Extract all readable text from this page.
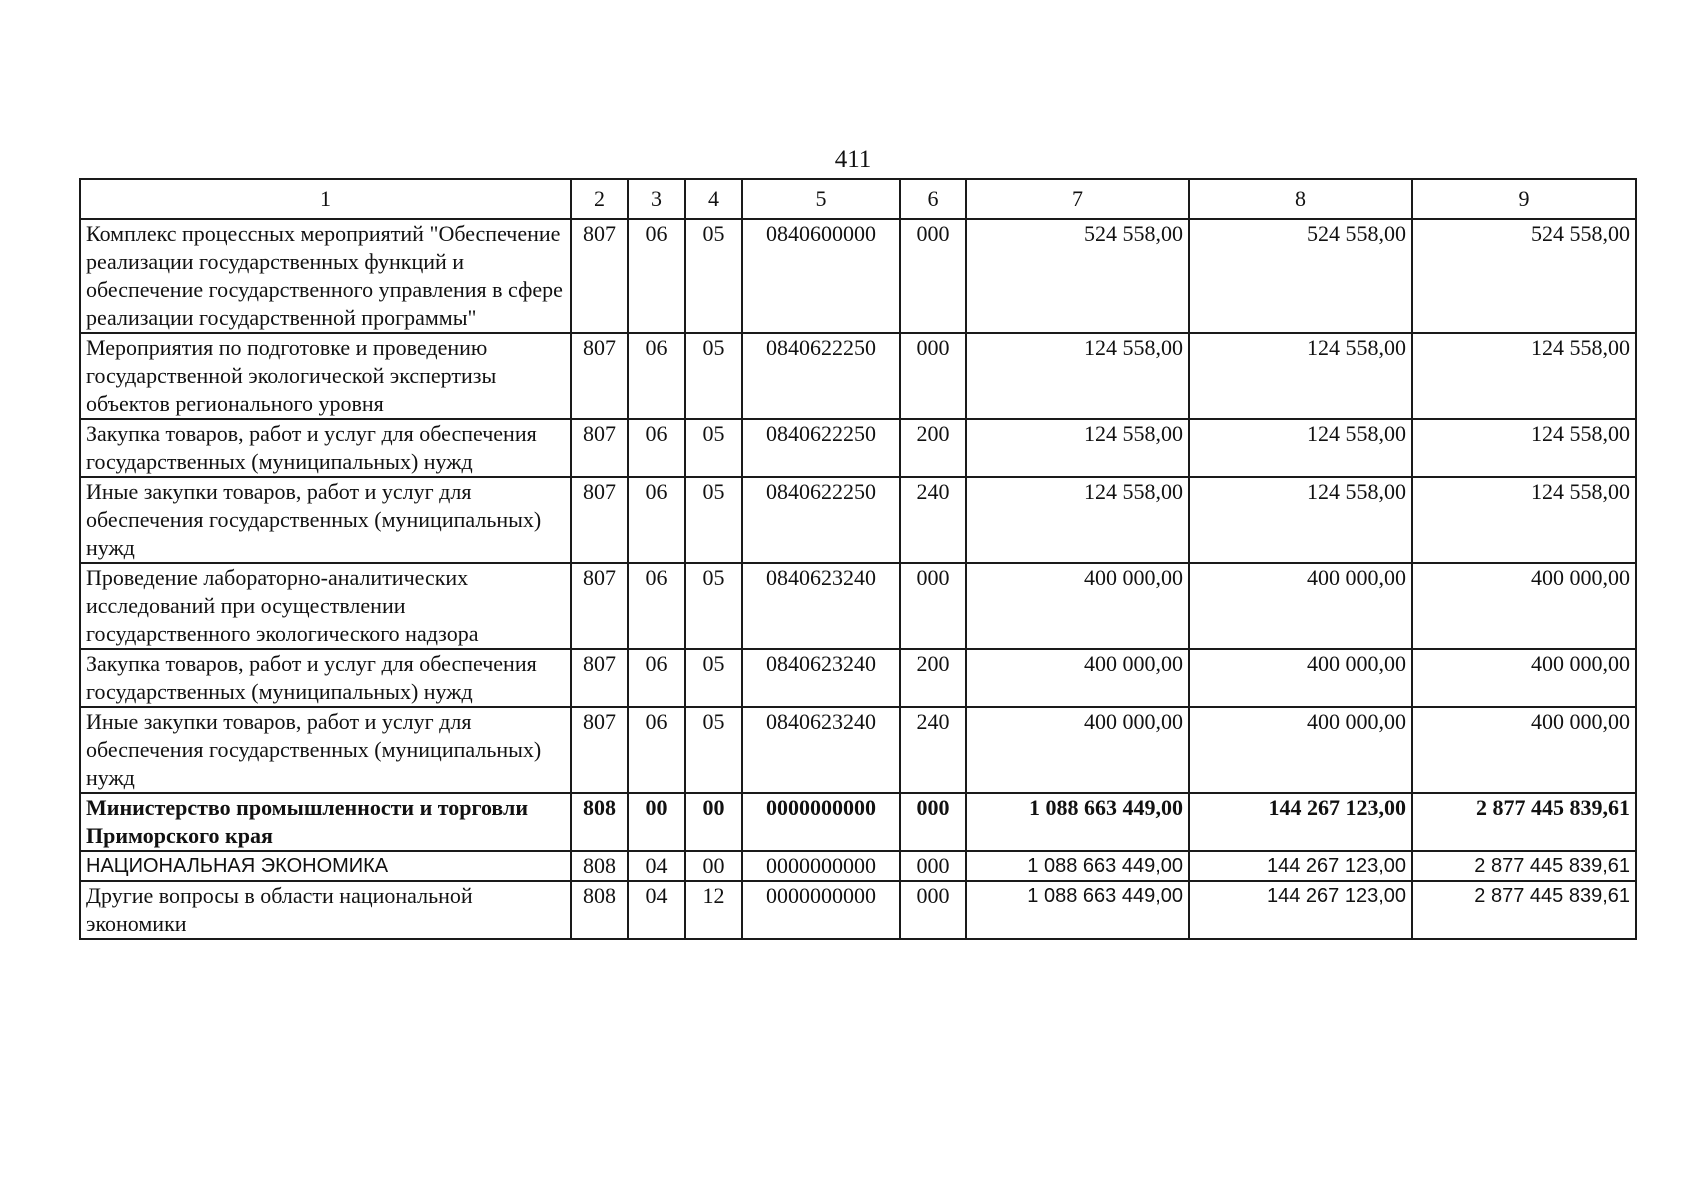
411
1	2	3	4	5	6	7	8	9
Комплекс процессных мероприятий "Обеспечение реализации государственных функций и обеспечение государственного управления в сфере реализации государственной программы"	807	06	05	0840600000	000	524 558,00	524 558,00	524 558,00
Мероприятия по подготовке и проведению государственной экологической экспертизы объектов регионального уровня	807	06	05	0840622250	000	124 558,00	124 558,00	124 558,00
Закупка товаров, работ и услуг для обеспечения государственных (муниципальных) нужд	807	06	05	0840622250	200	124 558,00	124 558,00	124 558,00
Иные закупки товаров, работ и услуг для обеспечения государственных (муниципальных) нужд	807	06	05	0840622250	240	124 558,00	124 558,00	124 558,00
Проведение лабораторно-аналитических исследований при осуществлении государственного экологического надзора	807	06	05	0840623240	000	400 000,00	400 000,00	400 000,00
Закупка товаров, работ и услуг для обеспечения государственных (муниципальных) нужд	807	06	05	0840623240	200	400 000,00	400 000,00	400 000,00
Иные закупки товаров, работ и услуг для обеспечения государственных (муниципальных) нужд	807	06	05	0840623240	240	400 000,00	400 000,00	400 000,00
Министерство промышленности и торговли Приморского края	808	00	00	0000000000	000	1 088 663 449,00	144 267 123,00	2 877 445 839,61
НАЦИОНАЛЬНАЯ ЭКОНОМИКА	808	04	00	0000000000	000	1 088 663 449,00	144 267 123,00	2 877 445 839,61
Другие вопросы в области национальной экономики	808	04	12	0000000000	000	1 088 663 449,00	144 267 123,00	2 877 445 839,61
